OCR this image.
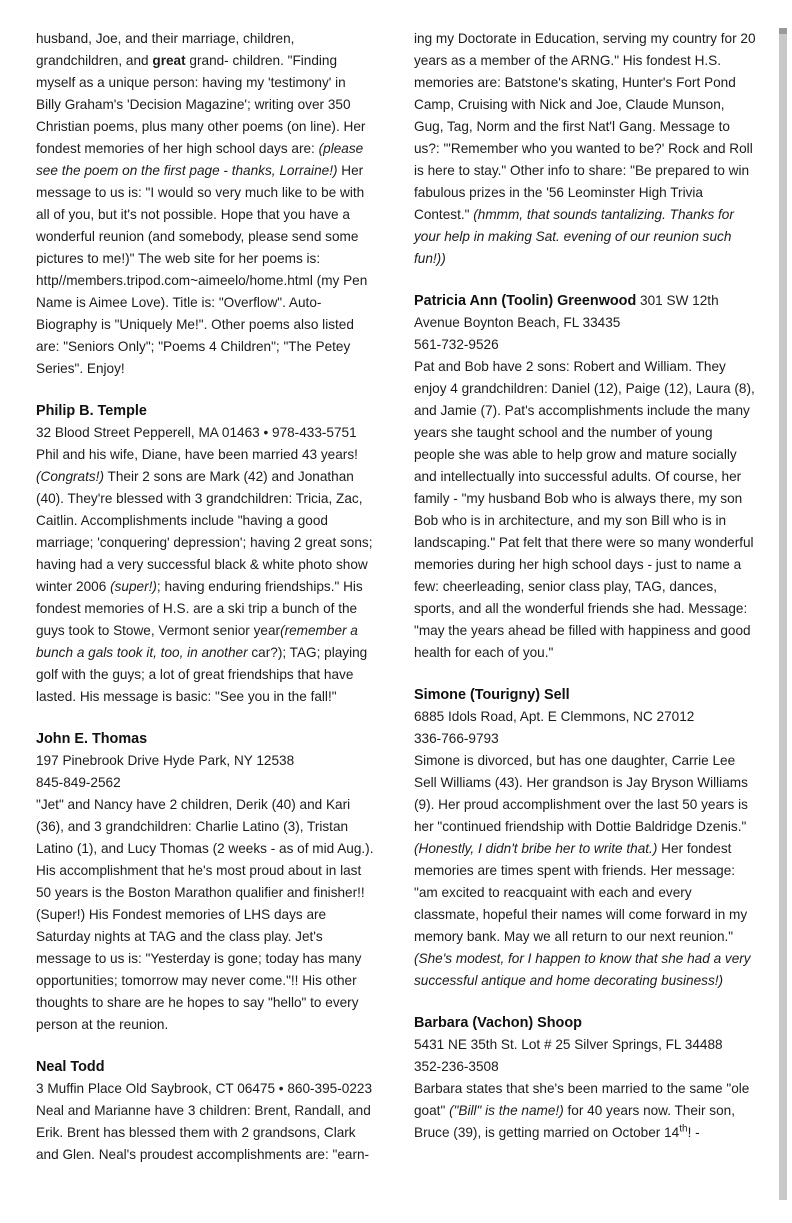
husband, Joe, and their marriage, children, grandchildren, and great grand- children. "Finding myself as a unique person: having my 'testimony' in Billy Graham's 'Decision Magazine'; writing over 350 Christian poems, plus many other poems (on line). Her fondest memories of her high school days are: (please see the poem on the first page - thanks, Lorraine!) Her message to us is: "I would so very much like to be with all of you, but it's not possible. Hope that you have a wonderful reunion (and somebody, please send some pictures to me!)" The web site for her poems is: http//members.tripod.com~aimeelo/home.html (my Pen Name is Aimee Love). Title is: "Overflow". Auto-Biography is "Uniquely Me!". Other poems also listed are: "Seniors Only"; "Poems 4 Children"; "The Petey Series". Enjoy!

Philip B. Temple

32 Blood Street Pepperell, MA 01463 • 978-433-5751

Phil and his wife, Diane, have been married 43 years! (Congrats!) Their 2 sons are Mark (42) and Jonathan (40). They're blessed with 3 grandchildren: Tricia, Zac, Caitlin. Accomplishments include "having a good marriage; 'conquering' depression'; having 2 great sons; having had a very successful black & white photo show winter 2006 (super!); having enduring friendships." His fondest memories of H.S. are a ski trip a bunch of the guys took to Stowe, Vermont senior year(remember a bunch a gals took it, too, in another car?); TAG; playing golf with the guys; a lot of great friendships that have lasted. His message is basic: "See you in the fall!"

John E. Thomas

197 Pinebrook Drive Hyde Park, NY 12538

845-849-2562

"Jet" and Nancy have 2 children, Derik (40) and Kari (36), and 3 grandchildren: Charlie Latino (3), Tristan Latino (1), and Lucy Thomas (2 weeks - as of mid Aug.). His accomplishment that he's most proud about in last 50 years is the Boston Marathon qualifier and finisher!! (Super!) His Fondest memories of LHS days are Saturday nights at TAG and the class play. Jet's message to us is: "Yesterday is gone; today has many opportunities; tomorrow may never come."!! His other thoughts to share are he hopes to say "hello" to every person at the reunion.

Neal Todd

3 Muffin Place Old Saybrook, CT 06475 • 860-395-0223

Neal and Marianne have 3 children: Brent, Randall, and Erik. Brent has blessed them with 2 grandsons, Clark and Glen. Neal's proudest accomplishments are: "earn-

ing my Doctorate in Education, serving my country for 20 years as a member of the ARNG." His fondest H.S. memories are: Batstone's skating, Hunter's Fort Pond Camp, Cruising with Nick and Joe, Claude Munson, Gug, Tag, Norm and the first Nat'l Gang. Message to us?: "'Remember who you wanted to be?' Rock and Roll is here to stay." Other info to share: "Be prepared to win fabulous prizes in the '56 Leominster High Trivia Contest." (hmmm, that sounds tantalizing. Thanks for your help in making Sat. evening of our reunion such fun!))

Patricia Ann (Toolin) Greenwood 301 SW 12th Avenue Boynton Beach, FL 33435

561-732-9526

Pat and Bob have 2 sons: Robert and William. They enjoy 4 grandchildren: Daniel (12), Paige (12), Laura (8), and Jamie (7). Pat's accomplishments include the many years she taught school and the number of young people she was able to help grow and mature socially and intellectually into successful adults. Of course, her family - "my husband Bob who is always there, my son Bob who is in architecture, and my son Bill who is in landscaping." Pat felt that there were so many wonderful memories during her high school days - just to name a few: cheerleading, senior class play, TAG, dances, sports, and all the wonderful friends she had. Message: "may the years ahead be filled with happiness and good health for each of you."

Simone (Tourigny) Sell

6885 Idols Road, Apt. E Clemmons, NC 27012

336-766-9793

Simone is divorced, but has one daughter, Carrie Lee Sell Williams (43). Her grandson is Jay Bryson Williams (9). Her proud accomplishment over the last 50 years is her "continued friendship with Dottie Baldridge Dzenis." (Honestly, I didn't bribe her to write that.) Her fondest memories are times spent with friends. Her message: "am excited to reacquaint with each and every classmate, hopeful their names will come forward in my memory bank. May we all return to our next reunion." (She's modest, for I happen to know that she had a very successful antique and home decorating business!)

Barbara (Vachon) Shoop

5431 NE 35th St. Lot # 25 Silver Springs, FL 34488

352-236-3508

Barbara states that she's been married to the same "ole goat" ("Bill" is the name!) for 40 years now. Their son, Bruce (39), is getting married on October 14th! -
